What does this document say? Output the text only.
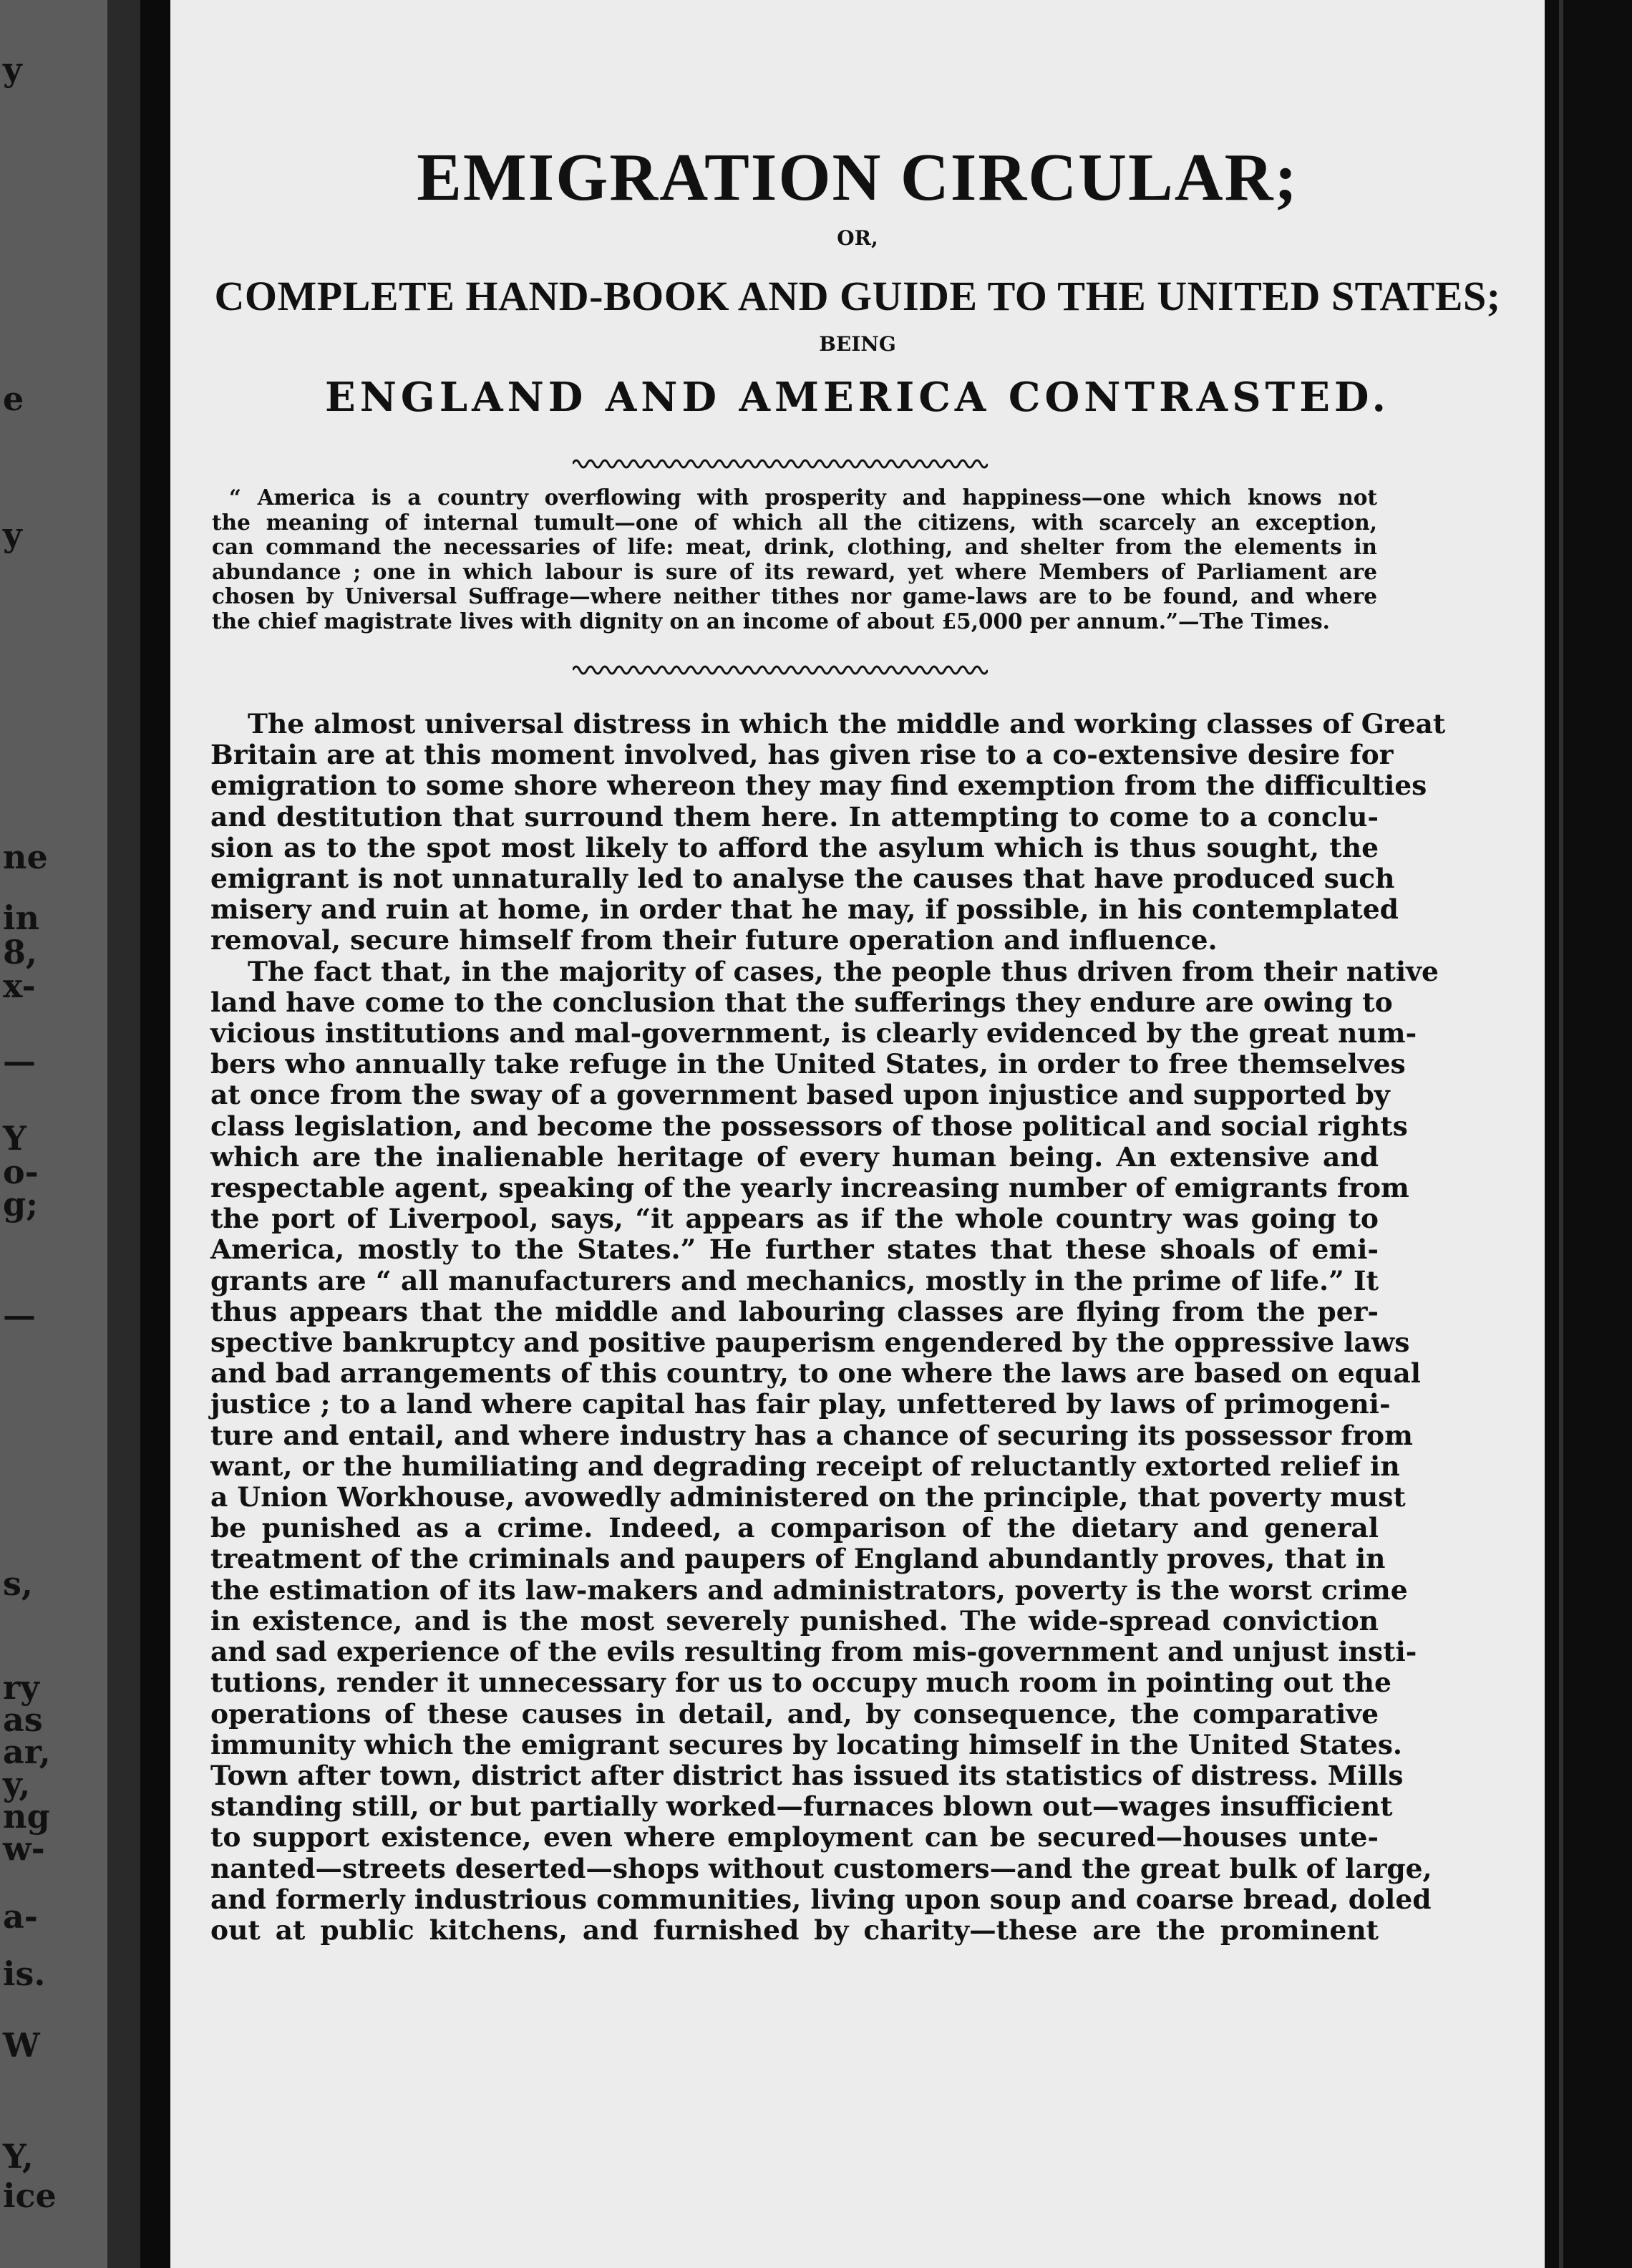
y
e
y
ne
in
8,
x-
—
Y
o-
g;
—
s,
ry
as
ar,
y,
ng
w-
a-
is.
W
Y,
ice
EMIGRATION CIRCULAR;
OR,
COMPLETE HAND-BOOK AND GUIDE TO THE UNITED STATES;
BEING
ENGLAND AND AMERICA CONTRASTED.
“ America is a country overflowing with prosperity and happiness—one which knows not
the meaning of internal tumult—one of which all the citizens, with scarcely an exception,
can command the necessaries of life: meat, drink, clothing, and shelter from the elements in
abundance ; one in which labour is sure of its reward, yet where Members of Parliament are
chosen by Universal Suffrage—where neither tithes nor game-laws are to be found, and where
the chief magistrate lives with dignity on an income of about £5,000 per annum.”—The Times.
The almost universal distress in which the middle and working classes of Great
Britain are at this moment involved, has given rise to a co-extensive desire for
emigration to some shore whereon they may find exemption from the difficulties
and destitution that surround them here. In attempting to come to a conclu-
sion as to the spot most likely to afford the asylum which is thus sought, the
emigrant is not unnaturally led to analyse the causes that have produced such
misery and ruin at home, in order that he may, if possible, in his contemplated
removal, secure himself from their future operation and influence.
The fact that, in the majority of cases, the people thus driven from their native
land have come to the conclusion that the sufferings they endure are owing to
vicious institutions and mal-government, is clearly evidenced by the great num-
bers who annually take refuge in the United States, in order to free themselves
at once from the sway of a government based upon injustice and supported by
class legislation, and become the possessors of those political and social rights
which are the inalienable heritage of every human being. An extensive and
respectable agent, speaking of the yearly increasing number of emigrants from
the port of Liverpool, says, “it appears as if the whole country was going to
America, mostly to the States.” He further states that these shoals of emi-
grants are “ all manufacturers and mechanics, mostly in the prime of life.” It
thus appears that the middle and labouring classes are flying from the per-
spective bankruptcy and positive pauperism engendered by the oppressive laws
and bad arrangements of this country, to one where the laws are based on equal
justice ; to a land where capital has fair play, unfettered by laws of primogeni-
ture and entail, and where industry has a chance of securing its possessor from
want, or the humiliating and degrading receipt of reluctantly extorted relief in
a Union Workhouse, avowedly administered on the principle, that poverty must
be punished as a crime. Indeed, a comparison of the dietary and general
treatment of the criminals and paupers of England abundantly proves, that in
the estimation of its law-makers and administrators, poverty is the worst crime
in existence, and is the most severely punished. The wide-spread conviction
and sad experience of the evils resulting from mis-government and unjust insti-
tutions, render it unnecessary for us to occupy much room in pointing out the
operations of these causes in detail, and, by consequence, the comparative
immunity which the emigrant secures by locating himself in the United States.
Town after town, district after district has issued its statistics of distress. Mills
standing still, or but partially worked—furnaces blown out—wages insufficient
to support existence, even where employment can be secured—houses unte-
nanted—streets deserted—shops without customers—and the great bulk of large,
and formerly industrious communities, living upon soup and coarse bread, doled
out at public kitchens, and furnished by charity—these are the prominent
